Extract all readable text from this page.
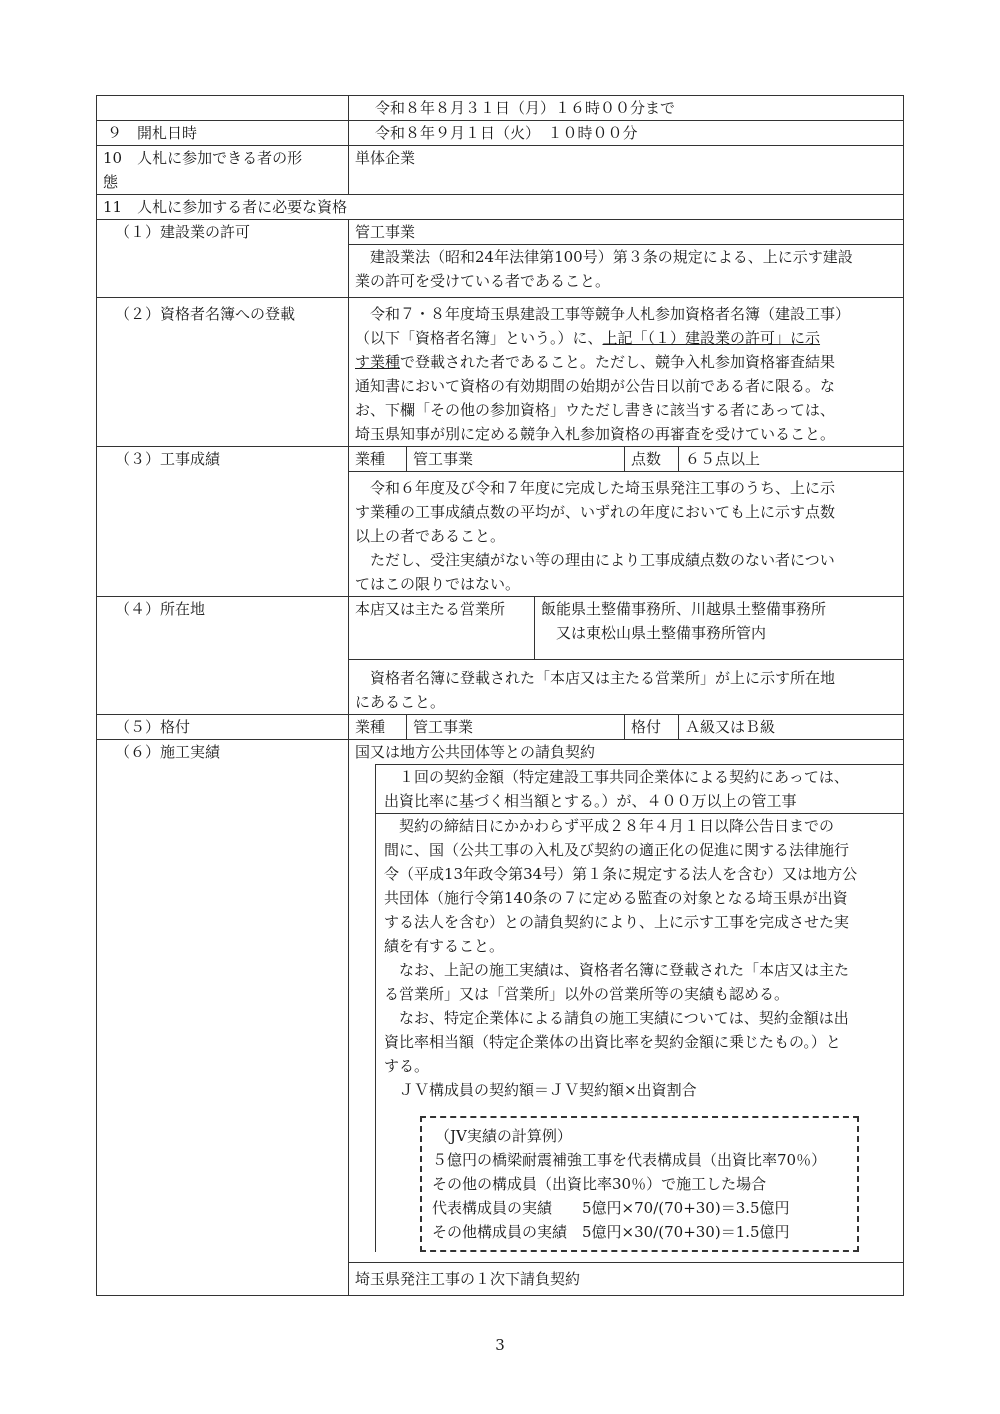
令和８年８月３１日（月）１６時００分まで
９　開札日時	令和８年９月１日（火）　１０時００分
10　人札に参加できる者の形
態
単体企業
11　人札に参加する者に必要な資格
（１）建設業の許可	管工事業
建設業法（昭和24年法律第100号）第３条の規定による、上に示す建設
業の許可を受けている者であること。
（２）資格者名簿への登載	令和７・８年度埼玉県建設工事等競争人札参加資格者名簿（建設工事）
（以下「資格者名簿」という。）に、上記「（１）建設業の許可」に示
す業種で登載された者であること。ただし、競争入札参加資格審査結果
通知書において資格の有効期間の始期が公告日以前である者に限る。な
お、下欄「その他の参加資格」ウただし書きに該当する者にあっては、
埼玉県知事が別に定める競争入札参加資格の再審査を受けていること。
（３）工事成績	業種	管工事業	点数	６５点以上
令和６年度及び令和７年度に完成した埼玉県発注工事のうち、上に示
す業種の工事成績点数の平均が、いずれの年度においても上に示す点数
以上の者であること。
ただし、受注実績がない等の理由により工事成績点数のない者につい
てはこの限りではない。
（４）所在地	本店又は主たる営業所	飯能県土整備事務所、川越県土整備事務所
又は東松山県土整備事務所管内
資格者名簿に登載された「本店又は主たる営業所」が上に示す所在地
にあること。
（５）格付	業種	管工事業	格付	Ａ級又はＢ級
（６）施工実績	国又は地方公共団体等との請負契約
１回の契約金額（特定建設工事共同企業体による契約にあっては、
出資比率に基づく相当額とする。）が、４００万以上の管工事
契約の締結日にかかわらず平成２８年４月１日以降公告日までの
間に、国（公共工事の入札及び契約の適正化の促進に関する法律施行
令（平成13年政令第34号）第１条に規定する法人を含む）又は地方公
共団体（施行令第140条の７に定める監査の対象となる埼玉県が出資
する法人を含む）との請負契約により、上に示す工事を完成させた実
績を有すること。
なお、上記の施工実績は、資格者名簿に登載された「本店又は主た
る営業所」又は「営業所」以外の営業所等の実績も認める。
なお、特定企業体による請負の施工実績については、契約金額は出
資比率相当額（特定企業体の出資比率を契約金額に乗じたもの。）と
する。
ＪＶ構成員の契約額＝ＪＶ契約額×出資割合
（JV実績の計算例）
５億円の橋梁耐震補強工事を代表構成員（出資比率70％）
その他の構成員（出資比率30％）で施工した場合
代表構成員の実績　　5億円×70/(70+30)＝3.5億円
その他構成員の実績　5億円×30/(70+30)＝1.5億円
埼玉県発注工事の１次下請負契約
3
